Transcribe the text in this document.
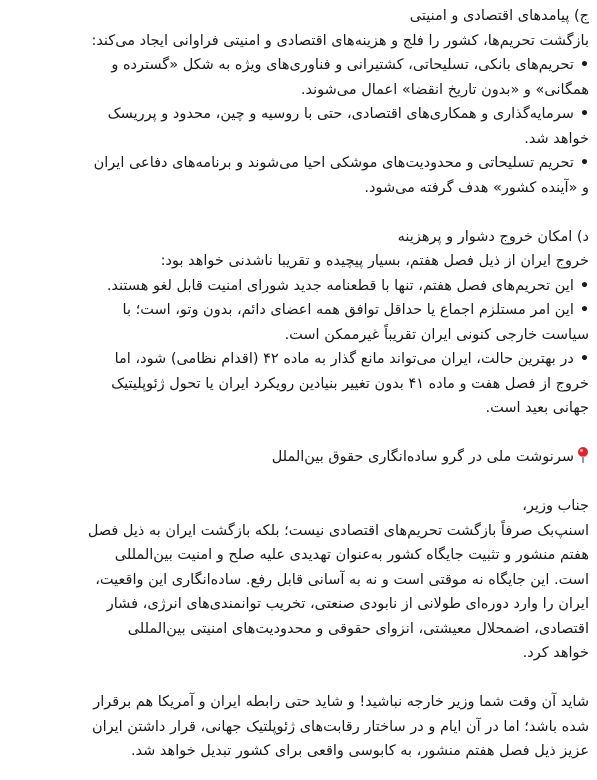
ج) پیامدهای اقتصادی و امنیتی
بازگشت تحریم‌ها، کشور را فلج و هزینه‌های اقتصادی و امنیتی فراوانی ایجاد می‌کند:
•تحریم‌های بانکی، تسلیحاتی، کشتیرانی و فناوری‌های ویژه به شکل «گسترده و
همگانی» و «بدون تاریخ انقضا» اعمال می‌شوند.
•سرمایه‌گذاری و همکاری‌های اقتصادی، حتی با روسیه و چین، محدود و پرریسک
خواهد شد.
•تحریم تسلیحاتی و محدودیت‌های موشکی احیا می‌شوند و برنامه‌های دفاعی ایران
و «آینده کشور» هدف گرفته می‌شود.
د) امکان خروج دشوار و پرهزینه
خروج ایران از ذیل فصل هفتم، بسیار پیچیده و تقریبا ناشدنی خواهد بود:
•این تحریم‌های فصل هفتم، تنها با قطعنامه جدید شورای امنیت قابل لغو هستند.
•این امر مستلزم اجماع یا حداقل توافق همه اعضای دائم، بدون وتو، است؛ با
سیاست خارجی کنونی ایران تقریباً غیرممکن است.
•در بهترین حالت، ایران می‌تواند مانع گذار به ماده ۴۲ (اقدام نظامی) شود، اما
خروج از فصل هفت و ماده ۴۱ بدون تغییر بنیادین رویکرد ایران یا تحول ژئوپلیتیک
جهانی بعید است.
سرنوشت ملی در گرو ساده‌انگاری حقوق بین‌الملل
جناب وزیر،
اسنپ‌بک صرفاً بازگشت تحریم‌های اقتصادی نیست؛ بلکه بازگشت ایران به ذیل فصل
هفتم منشور و تثبیت جایگاه کشور به‌عنوان تهدیدی علیه صلح و امنیت بین‌المللی
است. این جایگاه نه موقتی است و نه به آسانی قابل رفع. ساده‌انگاری این واقعیت،
ایران را وارد دوره‌ای طولانی از نابودی صنعتی، تخریب توانمندی‌های انرژی، فشار
اقتصادی، اضمحلال معیشتی، انزوای حقوقی و محدودیت‌های امنیتی بین‌المللی
خواهد کرد.
شاید آن وقت شما وزیر خارجه نباشید! و شاید حتی رابطه ایران و آمریکا هم برقرار
شده باشد؛ اما در آن ایام و در ساختار رقابت‌های ژئوپلتیک جهانی، قرار داشتن ایران
عزیز ذیل فصل هفتم منشور، به کابوسی واقعی برای کشور تبدیل خواهد شد.
